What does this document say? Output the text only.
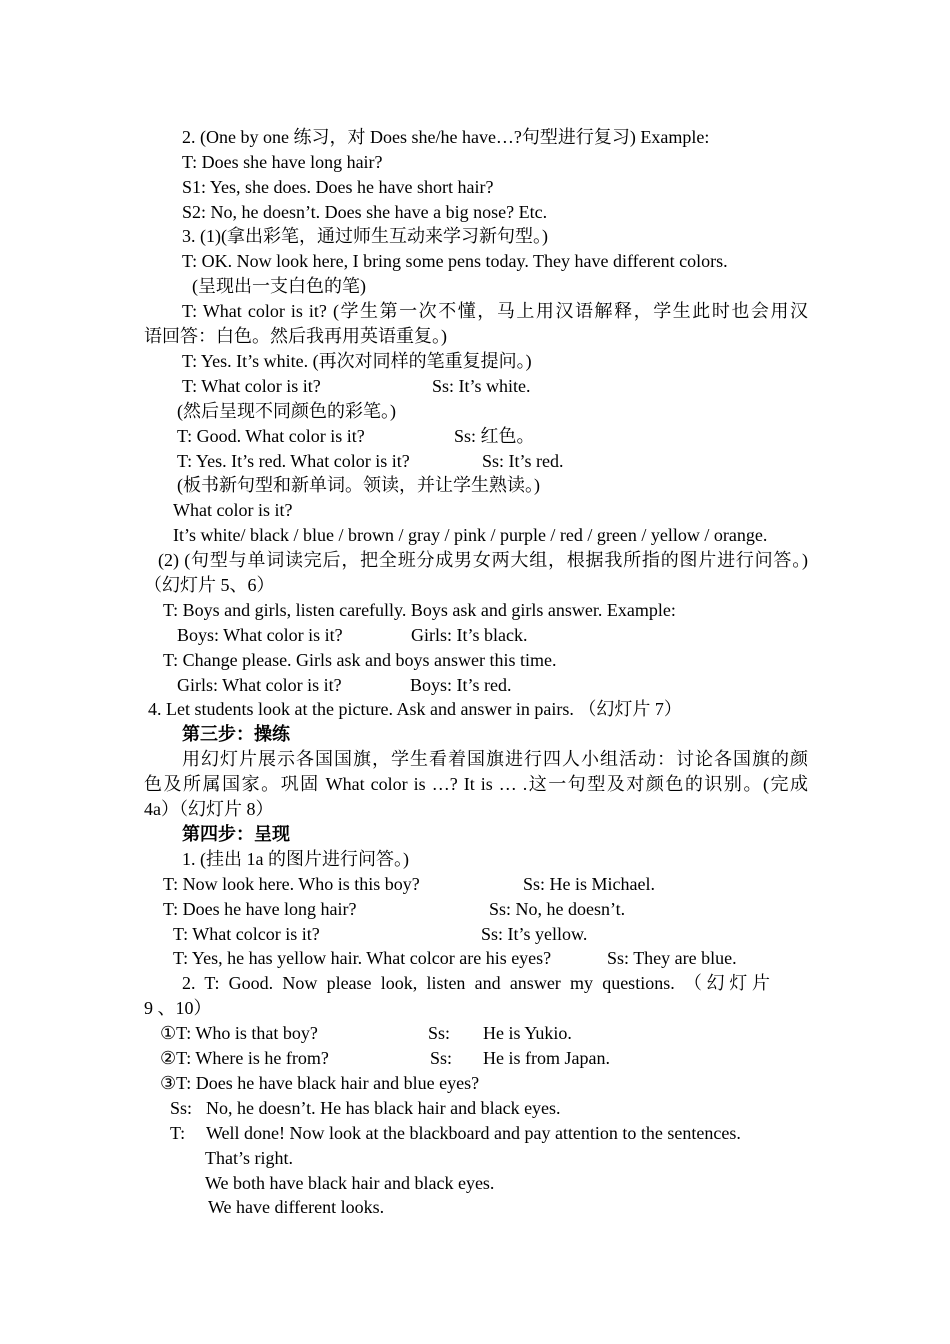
2. (One by one 练习，对 Does she/he have…?句型进行复习) Example:
T: Does she have long hair?
S1: Yes, she does. Does he have short hair?
S2: No, he doesn’t. Does she have a big nose? Etc.
3. (1)(拿出彩笔，通过师生互动来学习新句型。)
T: OK. Now look here, I bring some pens today. They have different colors.
(呈现出一支白色的笔)
T: What color is it? (学生第一次不懂，马上用汉语解释，学生此时也会用汉
语回答：白色。然后我再用英语重复。)
T: Yes. It’s white. (再次对同样的笔重复提问。)
T: What color is it?	Ss: It’s white.
(然后呈现不同颜色的彩笔。)
T: Good. What color is it?	Ss: 红色。
T: Yes. It’s red. What color is it?	Ss: It’s red.
(板书新句型和新单词。领读，并让学生熟读。)
What color is it?
It’s white/ black / blue / brown / gray / pink / purple / red / green / yellow / orange.
(2) (句型与单词读完后，把全班分成男女两大组，根据我所指的图片进行问答。)
（幻灯片 5、6）
T: Boys and girls, listen carefully. Boys ask and girls answer. Example:
Boys: What color is it?	Girls: It’s black.
T: Change please. Girls ask and boys answer this time.
Girls: What color is it?	Boys: It’s red.
4. Let students look at the picture. Ask and answer in pairs. （幻灯片 7）
第三步：操练
用幻灯片展示各国国旗，学生看着国旗进行四人小组活动：讨论各国旗的颜
色及所属国家。巩固 What color is …? It is … .这一句型及对颜色的识别。(完成
4a）（幻灯片 8）
第四步：呈现
1. (挂出 1a 的图片进行问答。)
T: Now look here. Who is this boy?	Ss: He is Michael.
T: Does he have long hair?	Ss: No, he doesn’t.
T: What colcor is it?	Ss: It’s yellow.
T: Yes, he has yellow hair. What colcor are his eyes?	Ss: They are blue.
2. T: Good. Now please look, listen and answer my questions. （幻灯片
9 、10）
①T: Who is that boy?	Ss: He is Yukio.
②T: Where is he from?	Ss: He is from Japan.
③T: Does he have black hair and blue eyes?
Ss: No, he doesn’t. He has black hair and black eyes.
T: Well done! Now look at the blackboard and pay attention to the sentences.
That’s right.
We both have black hair and black eyes.
We have different looks.
